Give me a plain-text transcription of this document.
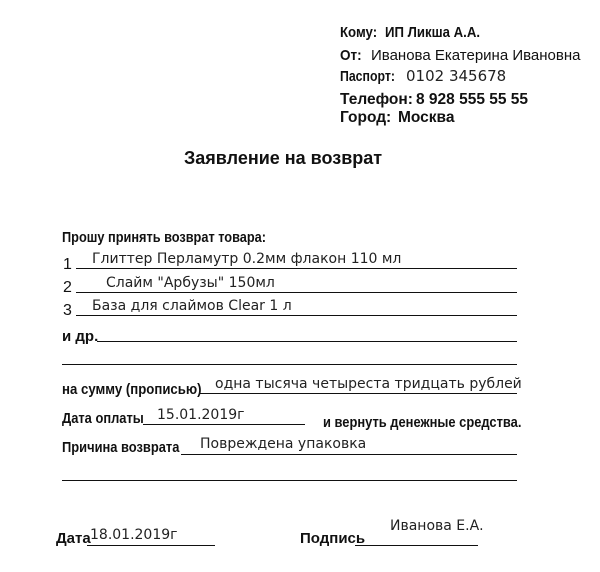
Кому: ИП Ликша А.А.
От: Иванова Екатерина Ивановна
Паспорт: 0102 345678
Телефон: 8 928 555 55 55
Город: Москва
Заявление на возврат
Прошу принять возврат товара:
1 Глиттер Перламутр 0.2мм флакон 110 мл
2 Слайм "Арбузы" 150мл
3 База для слаймов Clear 1 л
и др.
на сумму (прописью) одна тысяча четыреста тридцать рублей
Дата оплаты 15.01.2019г	и вернуть денежные средства.
Причина возврата Повреждена упаковка
Дата 18.01.2019г	Подпись
Иванова Е.А.
